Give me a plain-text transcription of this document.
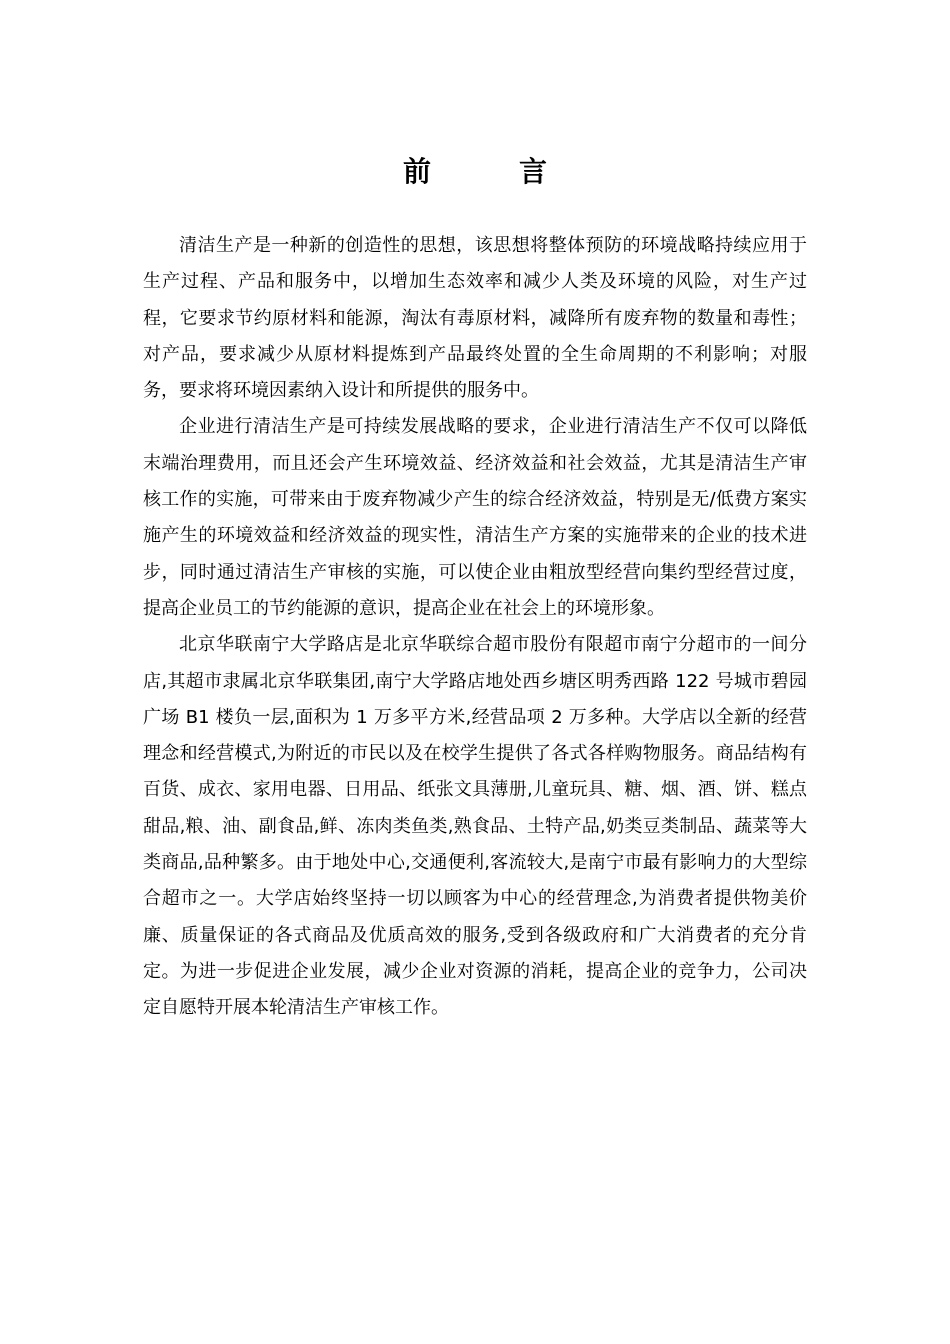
前	言

清洁生产是一种新的创造性的思想，该思想将整体预防的环境战略持续应用于生产过程、产品和服务中，以增加生态效率和减少人类及环境的风险，对生产过程，它要求节约原材料和能源，淘汰有毒原材料，减降所有废弃物的数量和毒性；对产品，要求减少从原材料提炼到产品最终处置的全生命周期的不利影响；对服务，要求将环境因素纳入设计和所提供的服务中。

企业进行清洁生产是可持续发展战略的要求，企业进行清洁生产不仅可以降低末端治理费用，而且还会产生环境效益、经济效益和社会效益，尤其是清洁生产审核工作的实施，可带来由于废弃物减少产生的综合经济效益，特别是无/低费方案实施产生的环境效益和经济效益的现实性，清洁生产方案的实施带来的企业的技术进步，同时通过清洁生产审核的实施，可以使企业由粗放型经营向集约型经营过度，提高企业员工的节约能源的意识，提高企业在社会上的环境形象。

北京华联南宁大学路店是北京华联综合超市股份有限超市南宁分超市的一间分店,其超市隶属北京华联集团,南宁大学路店地处西乡塘区明秀西路 122 号城市碧园广场 B1 楼负一层,面积为 1 万多平方米,经营品项 2 万多种。大学店以全新的经营理念和经营模式,为附近的市民以及在校学生提供了各式各样购物服务。商品结构有百货、成衣、家用电器、日用品、纸张文具薄册,儿童玩具、糖、烟、酒、饼、糕点甜品,粮、油、副食品,鲜、冻肉类鱼类,熟食品、土特产品,奶类豆类制品、蔬菜等大类商品,品种繁多。由于地处中心,交通便利,客流较大,是南宁市最有影响力的大型综合超市之一。大学店始终坚持一切以顾客为中心的经营理念,为消费者提供物美价廉、质量保证的各式商品及优质高效的服务,受到各级政府和广大消费者的充分肯定。为进一步促进企业发展，减少企业对资源的消耗，提高企业的竞争力，公司决定自愿特开展本轮清洁生产审核工作。
